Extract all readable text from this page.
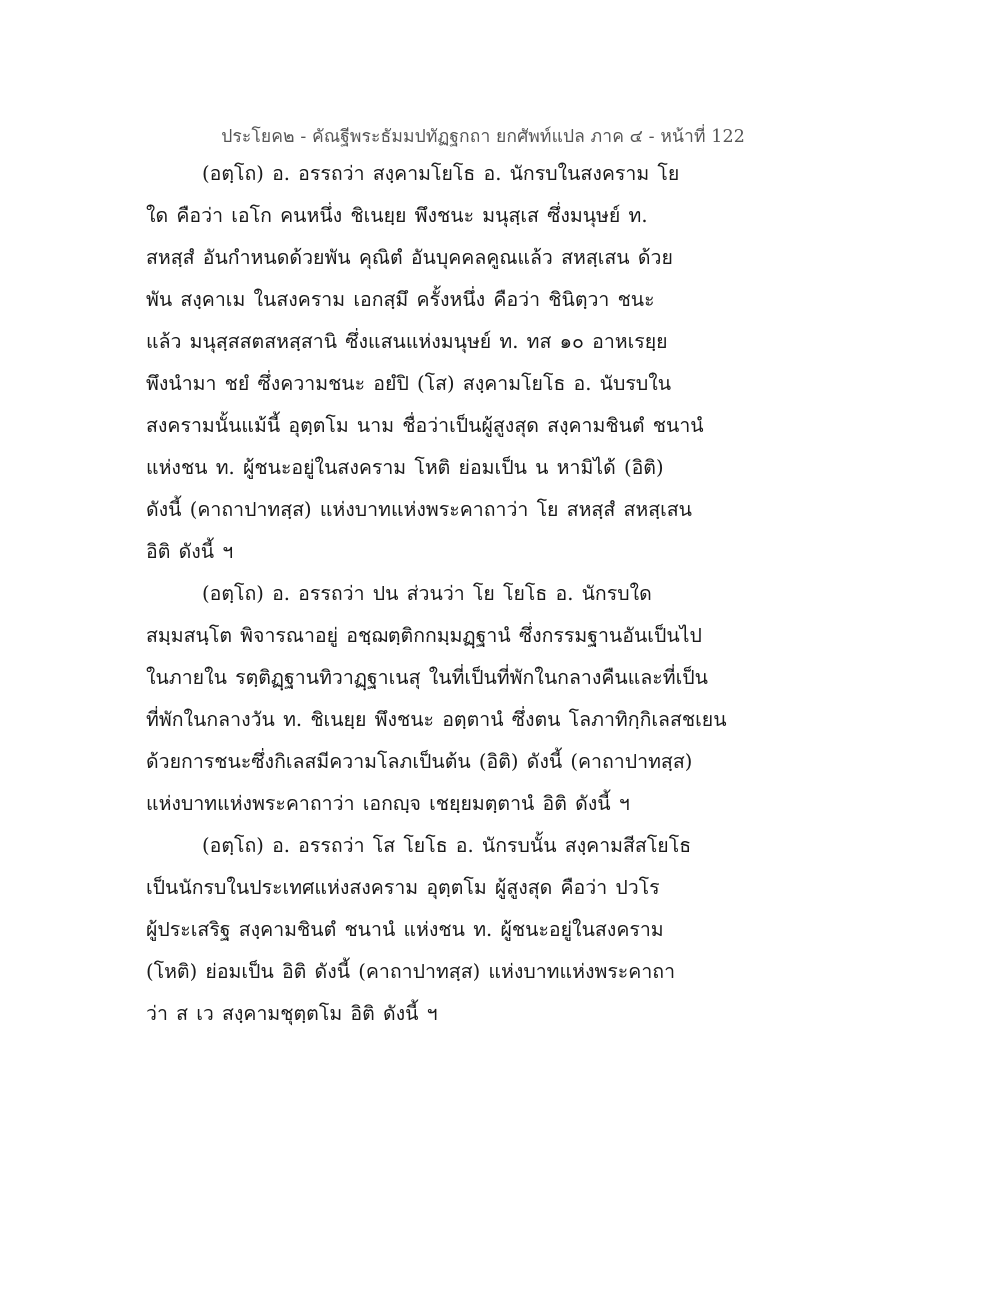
ประโยค๒ - คัณฐีพระธัมมปทัฏฐกถา ยกศัพท์แปล ภาค ๔ - หน้าที่ 122
(อตฺโถ) อ. อรรถว่า สงฺคามโยโธ อ. นักรบในสงคราม โย
ใด คือว่า เอโก คนหนึ่ง ชิเนยฺย พึงชนะ มนุสฺเส ซึ่งมนุษย์ ท.
สหสฺสํ อันกำหนดด้วยพัน คุณิตํ อันบุคคลคูณแล้ว สหสฺเสน ด้วย
พัน สงฺคาเม ในสงคราม เอกสฺมึ ครั้งหนึ่ง คือว่า ชินิตฺวา ชนะ
แล้ว มนุสฺสสตสหสฺสานิ ซึ่งแสนแห่งมนุษย์ ท. ทส ๑๐ อาหเรยฺย
พึงนำมา ชยํ ซึ่งความชนะ อยํปิ (โส) สงฺคามโยโธ อ. นับรบใน
สงครามนั้นแม้นี้ อุตฺตโม นาม ชื่อว่าเป็นผู้สูงสุด สงฺคามชินตํ ชนานํ
แห่งชน ท. ผู้ชนะอยู่ในสงคราม โหติ ย่อมเป็น น หามิได้ (อิติ)
ดังนี้ (คาถาปาทสฺส) แห่งบาทแห่งพระคาถาว่า โย สหสฺสํ สหสฺเสน
อิติ ดังนี้ ฯ
(อตฺโถ) อ. อรรถว่า ปน ส่วนว่า โย โยโธ อ. นักรบใด
สมฺมสนฺโต พิจารณาอยู่ อชฺฌตฺติกกมฺมฏฺฐานํ ซึ่งกรรมฐานอันเป็นไป
ในภายใน รตฺติฏฺฐานทิวาฏฺฐาเนสุ ในที่เป็นที่พักในกลางคืนและที่เป็น
ที่พักในกลางวัน ท. ชิเนยฺย พึงชนะ อตฺตานํ ซึ่งตน โลภาทิกฺกิเลสชเยน
ด้วยการชนะซึ่งกิเลสมีความโลภเป็นต้น (อิติ) ดังนี้ (คาถาปาทสฺส)
แห่งบาทแห่งพระคาถาว่า เอกญฺจ เชยฺยมตฺตานํ อิติ ดังนี้ ฯ
(อตฺโถ) อ. อรรถว่า โส โยโธ อ. นักรบนั้น สงฺคามสีสโยโธ
เป็นนักรบในประเทศแห่งสงคราม อุตฺตโม ผู้สูงสุด คือว่า ปวโร
ผู้ประเสริฐ สงฺคามชินตํ ชนานํ แห่งชน ท. ผู้ชนะอยู่ในสงคราม
(โหติ) ย่อมเป็น อิติ ดังนี้ (คาถาปาทสฺส) แห่งบาทแห่งพระคาถา
ว่า ส เว สงฺคามชุตฺตโม อิติ ดังนี้ ฯ
